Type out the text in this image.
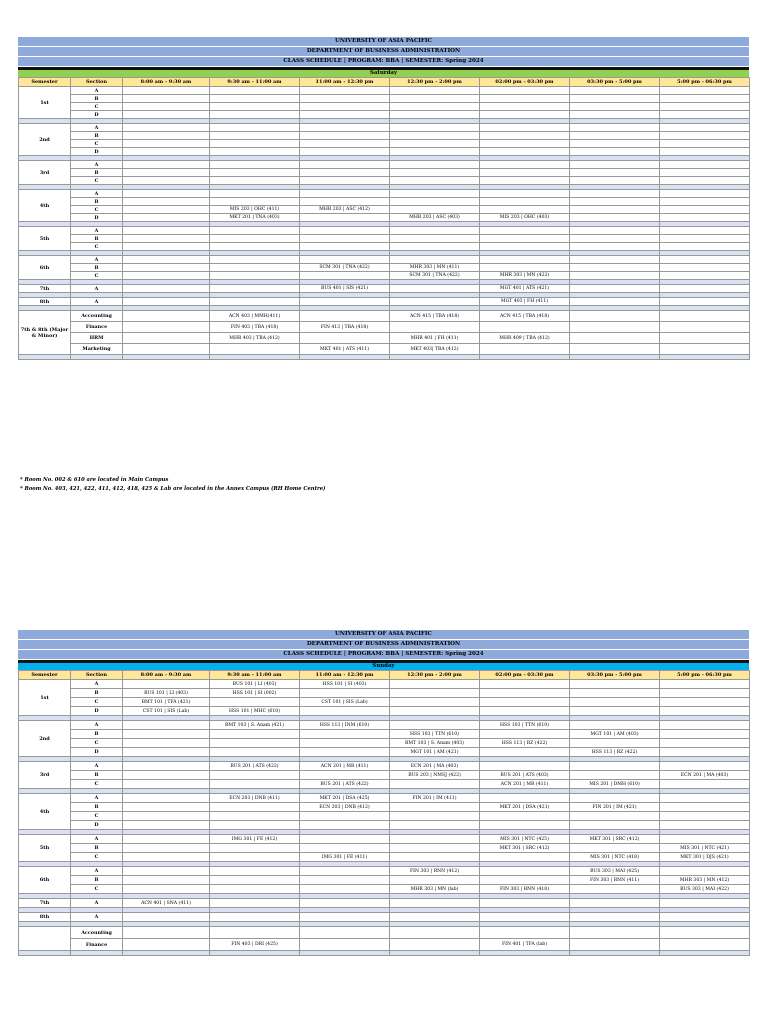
UNIVERSITY OF ASIA PACIFIC
DEPARTMENT OF BUSINESS ADMINISTRATION
CLASS SCHEDULE | PROGRAM: BBA | SEMESTER: Spring 2024
Saturday
Semester	Section	8:00 am - 9:30 am	9:30 am - 11:00 am	11:00 am - 12:30 pm	12:30 pm - 2:00 pm	02:00 pm - 03:30 pm	03:30 pm - 5:00 pm	5:00 pm - 06:30 pm
1st	A							
	B							
	C							
	D							

2nd	A							
	B							
	C							
	D							

3rd	A							
	B							
	C							

4th	A							
	B							
	C		MIS 203 | OHC (411)	MHR 203 | ASC (412)				
	D		MKT 201 | TNA (403)		MHR 203 | ASC (403)	MIS 203 | OHC (403)		

5th	A							
	B							
	C							

6th	A							
	B			SCM 301 | TNA (422)	MHR 303 | MN (411)			
	C				SCM 301 | TNA (422)	MHR 303 | MN (422)		

7th	A			BUS 401 | SIS (421)		MGT 401 | ATS (421)		

8th	A					MGT 403 | FH (411)		

7th & 8th (Major & Minor)	Accounting		ACN 403 | MMH(411)		ACN 415 | TBA (418)	ACN 415 | TBA (418)		
	Finance		FIN 403 | TBA (418)	FIN 413 | TBA (418)				
	HRM		MHR 403 | TBA (412)		MHR 401 | FH (411)	MHR 409 | TBA (412)		
	Marketing			MKT 401 | ATS (411)	MKT 403| TBA (412)			

* Room No. 002 & 610 are located in Main Campus
* Room No. 403, 421, 422, 411, 412, 418, 425 & Lab are located in the Annex Campus (RH Home Centre)
UNIVERSITY OF ASIA PACIFIC
DEPARTMENT OF BUSINESS ADMINISTRATION
CLASS SCHEDULE | PROGRAM: BBA | SEMESTER: Spring 2024
Sunday
Semester	Section	8:00 am - 9:30 am	9:30 am - 11:00 am	11:00 am - 12:30 pm	12:30 pm - 2:00 pm	02:00 pm - 03:30 pm	03:30 pm - 5:00 pm	5:00 pm - 06:30 pm
1st	A		BUS 101 | LI (403)	HSS 101 | SI (403)				
	B	BUS 101 | LI (403)	HSS 101 | SI (002)					
	C	BMT 101 | TFA (421)		CST 101 | SIS (Lab)				
	D	CST 101 | SIS (Lab)	HSS 101 | MHC (610)					

2nd	A		BMT 103 | S. Anam (421)	HSS 113 | INM (610)		HSS 103 | TTN (610)		
	B				HSS 103 | TTN (610)		MGT 101 | AM (403)	
	C				BMT 103 | S. Anam (403)	HSS 113 | RZ (422)		
	D				MGT 101 | AM (421)		HSS 113 | RZ (422)	

3rd	A		BUS 201 | ATS (422)	ACN 201 | MR (411)	ECN 201 | MA (403)			
	B				BUS 203 | NMSJ (422)	BUS 201 | ATS (403)		ECN 201 | MA (403)
	C			BUS 201 | ATS (422)		ACN 201 | MR (411)	MIS 201 | DMH (610)	

4th	A		ECN 203 | DNB (411)	MKT 201 | DSA (425)	FIN 201 | IM (411)			
	B			ECN 203 | DNB (412)		MKT 201 | DSA (421)	FIN 201 | IM (421)	
	C							
	D							

5th	A		IMG 301 | FE (412)			MIS 301 | NTC (425)	MKT 301 | SRC (412)	
	B					MKT 301 | SRC (412)		MIS 301 | NTC (421)
	C			IMG 301 | FE (411)			MIS 301 | NTC (418)	MKT 301 | DJS (421)

6th	A				FIN 303 | RNN (412)		BUS 303 | MAI (425)	
	B						FIN 303 | RNN (411)	MHR 303 | MN (412)
	C				MHR 303 | MN (lab)	FIN 303 | RNN (418)		BUS 303 | MAI (422)

7th	A	ACN 401 | SNA (411)						

8th	A							

	Accounting							
	Finance		FIN 403 | DRI (425)			FIN 401 | TFA (lab)		
